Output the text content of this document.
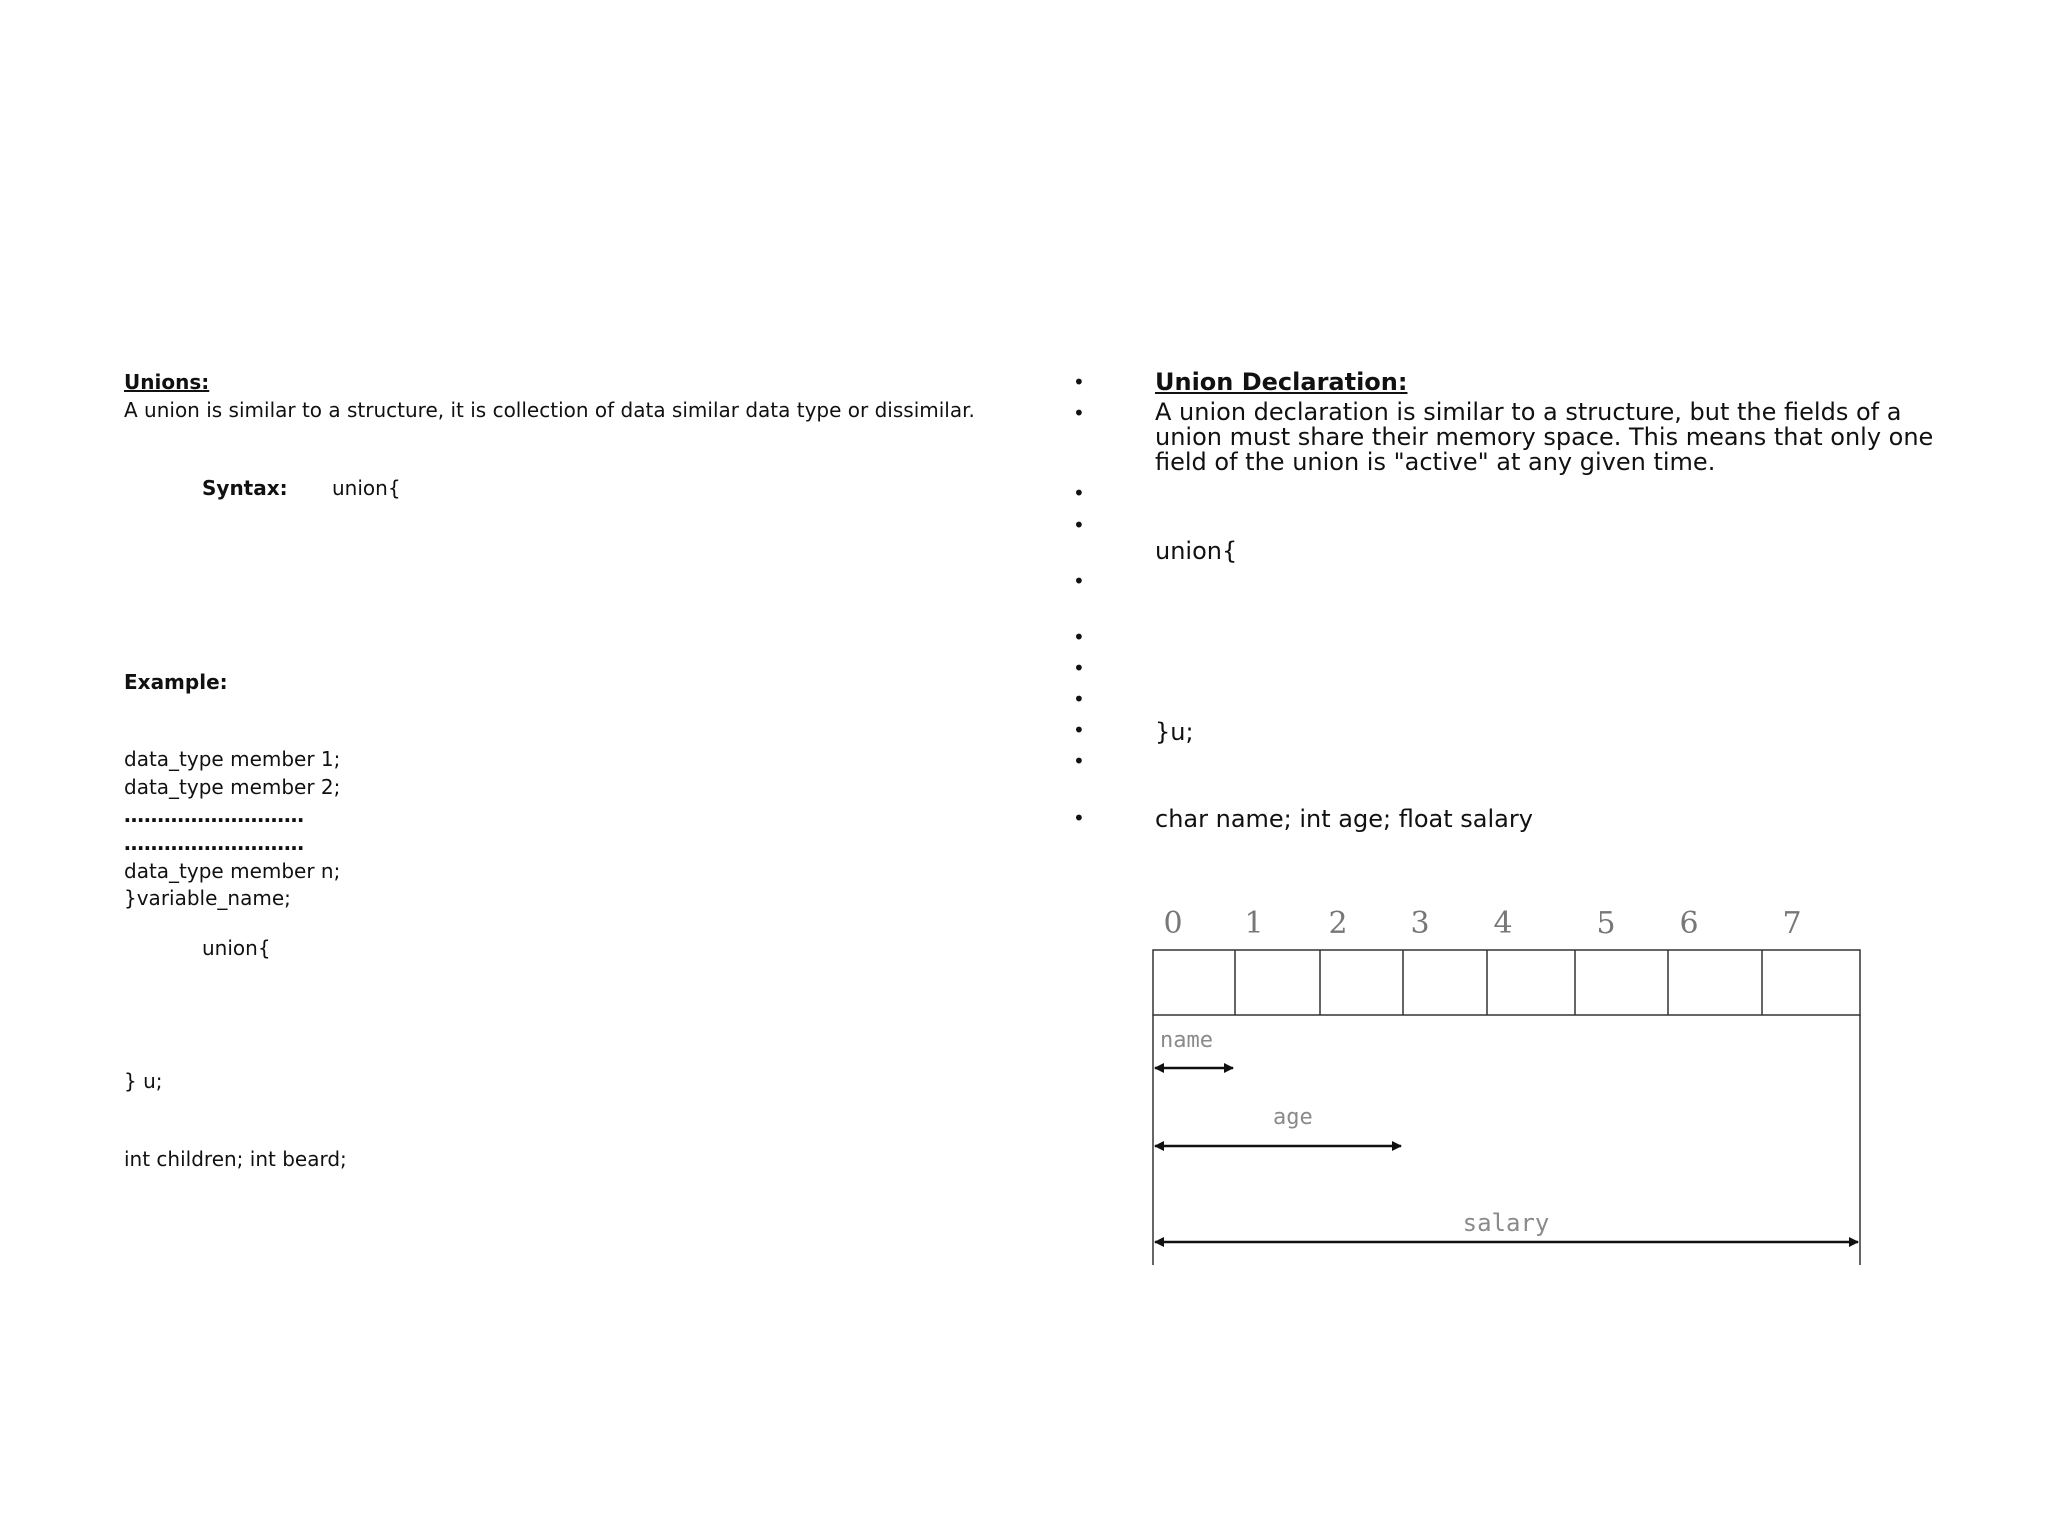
Unions:
A union is similar to a structure, it is collection of data similar data type or dissimilar.
Syntax: union{
Example:
data_type member 1;
data_type member 2;
………………………
………………………
data_type member n;
}variable_name;
union{
} u;
int children; int beard;
•
•
•
•
•
•
•
•
•
•
•
Union Declaration:
A union declaration is similar to a structure, but the fields of a union must share their memory space. This means that only one field of the union is "active" at any given time.
union{
}u;
char name; int age; float salary
0 1 2 3 4	5 6	7
name
age
salary
